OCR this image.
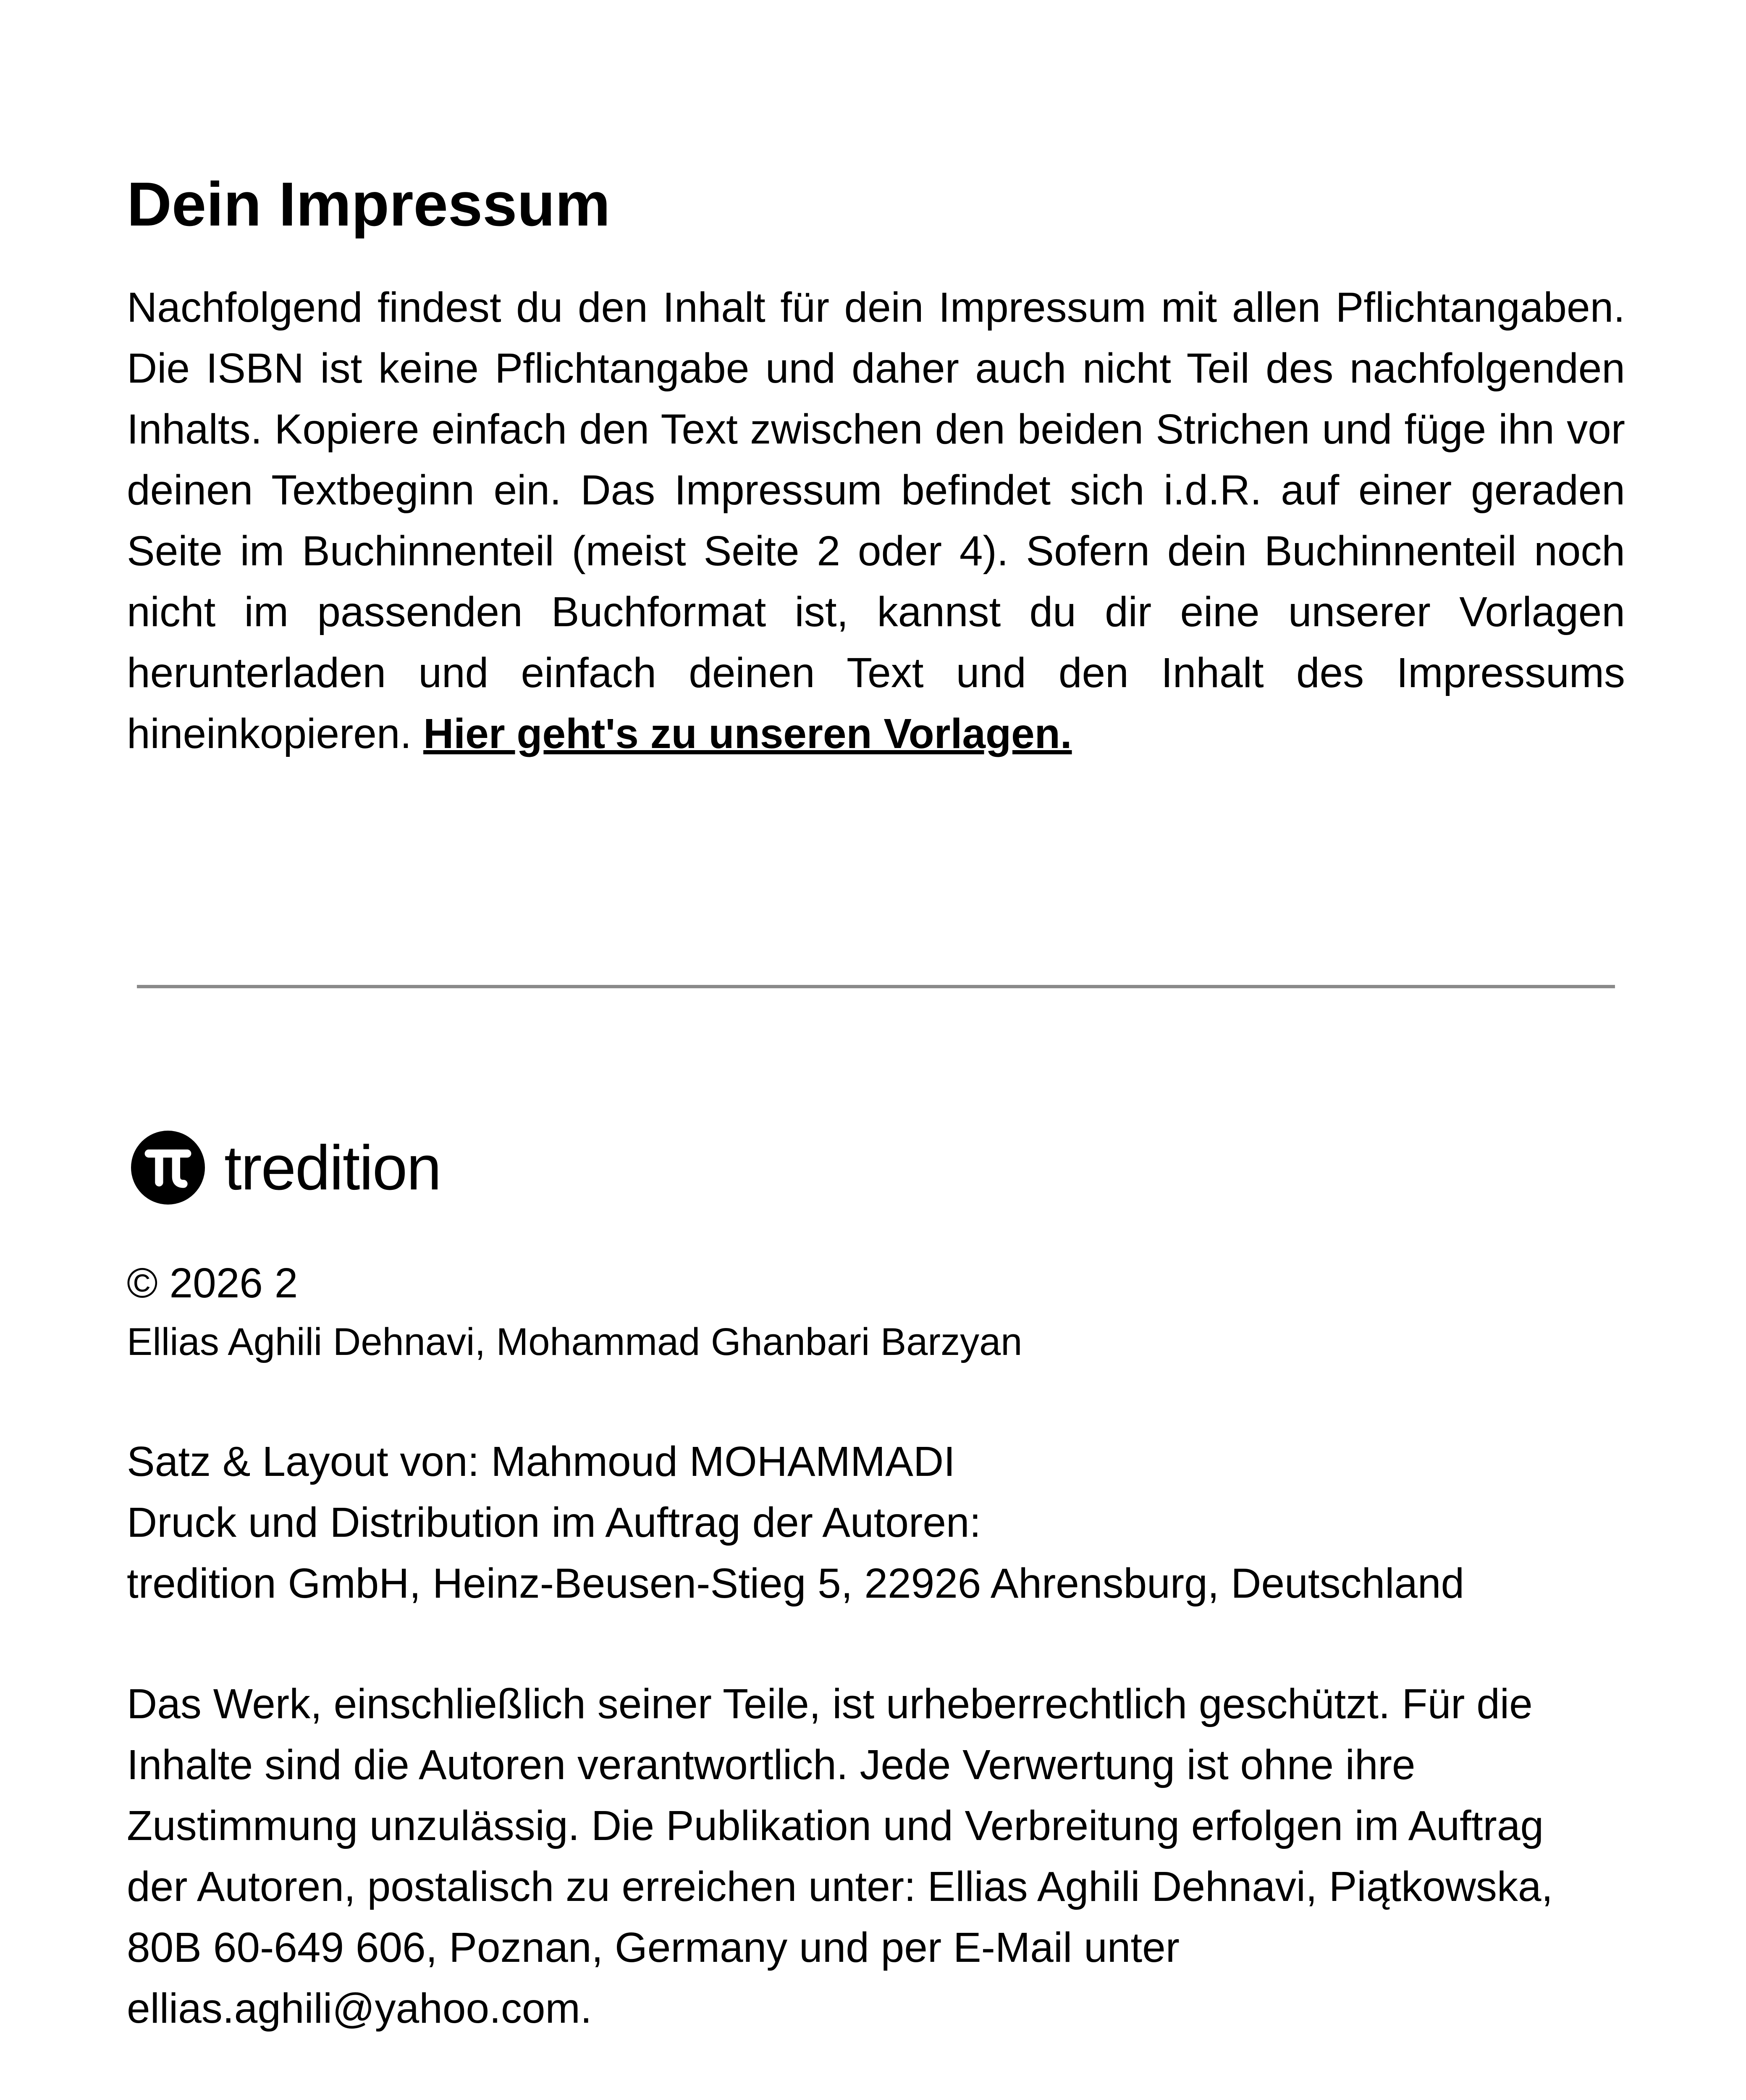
Dein Impressum

Nachfolgend findest du den Inhalt für dein Impressum mit allen Pflichtangaben. Die ISBN ist keine Pflichtangabe und daher auch nicht Teil des nachfolgenden Inhalts. Kopiere einfach den Text zwischen den beiden Strichen und füge ihn vor deinen Textbeginn ein. Das Impressum befindet sich i.d.R. auf einer geraden Seite im Buchinnenteil (meist Seite 2 oder 4). Sofern dein Buchinnenteil noch nicht im passenden Buchformat ist, kannst du dir eine unserer Vorlagen herunterladen und einfach deinen Text und den Inhalt des Impressums hineinkopieren. Hier geht's zu unseren Vorlagen.

tredition

© 2026 2

Ellias Aghili Dehnavi, Mohammad Ghanbari Barzyan

Satz & Layout von: Mahmoud MOHAMMADI

Druck und Distribution im Auftrag der Autoren:

tredition GmbH, Heinz-Beusen-Stieg 5, 22926 Ahrensburg, Deutschland

Das Werk, einschließlich seiner Teile, ist urheberrechtlich geschützt. Für die
Inhalte sind die Autoren verantwortlich. Jede Verwertung ist ohne ihre
Zustimmung unzulässig. Die Publikation und Verbreitung erfolgen im Auftrag
der Autoren, postalisch zu erreichen unter: Ellias Aghili Dehnavi, Piątkowska,
80B 60-649 606, Poznan, Germany und per E-Mail unter
ellias.aghili@yahoo.com.
